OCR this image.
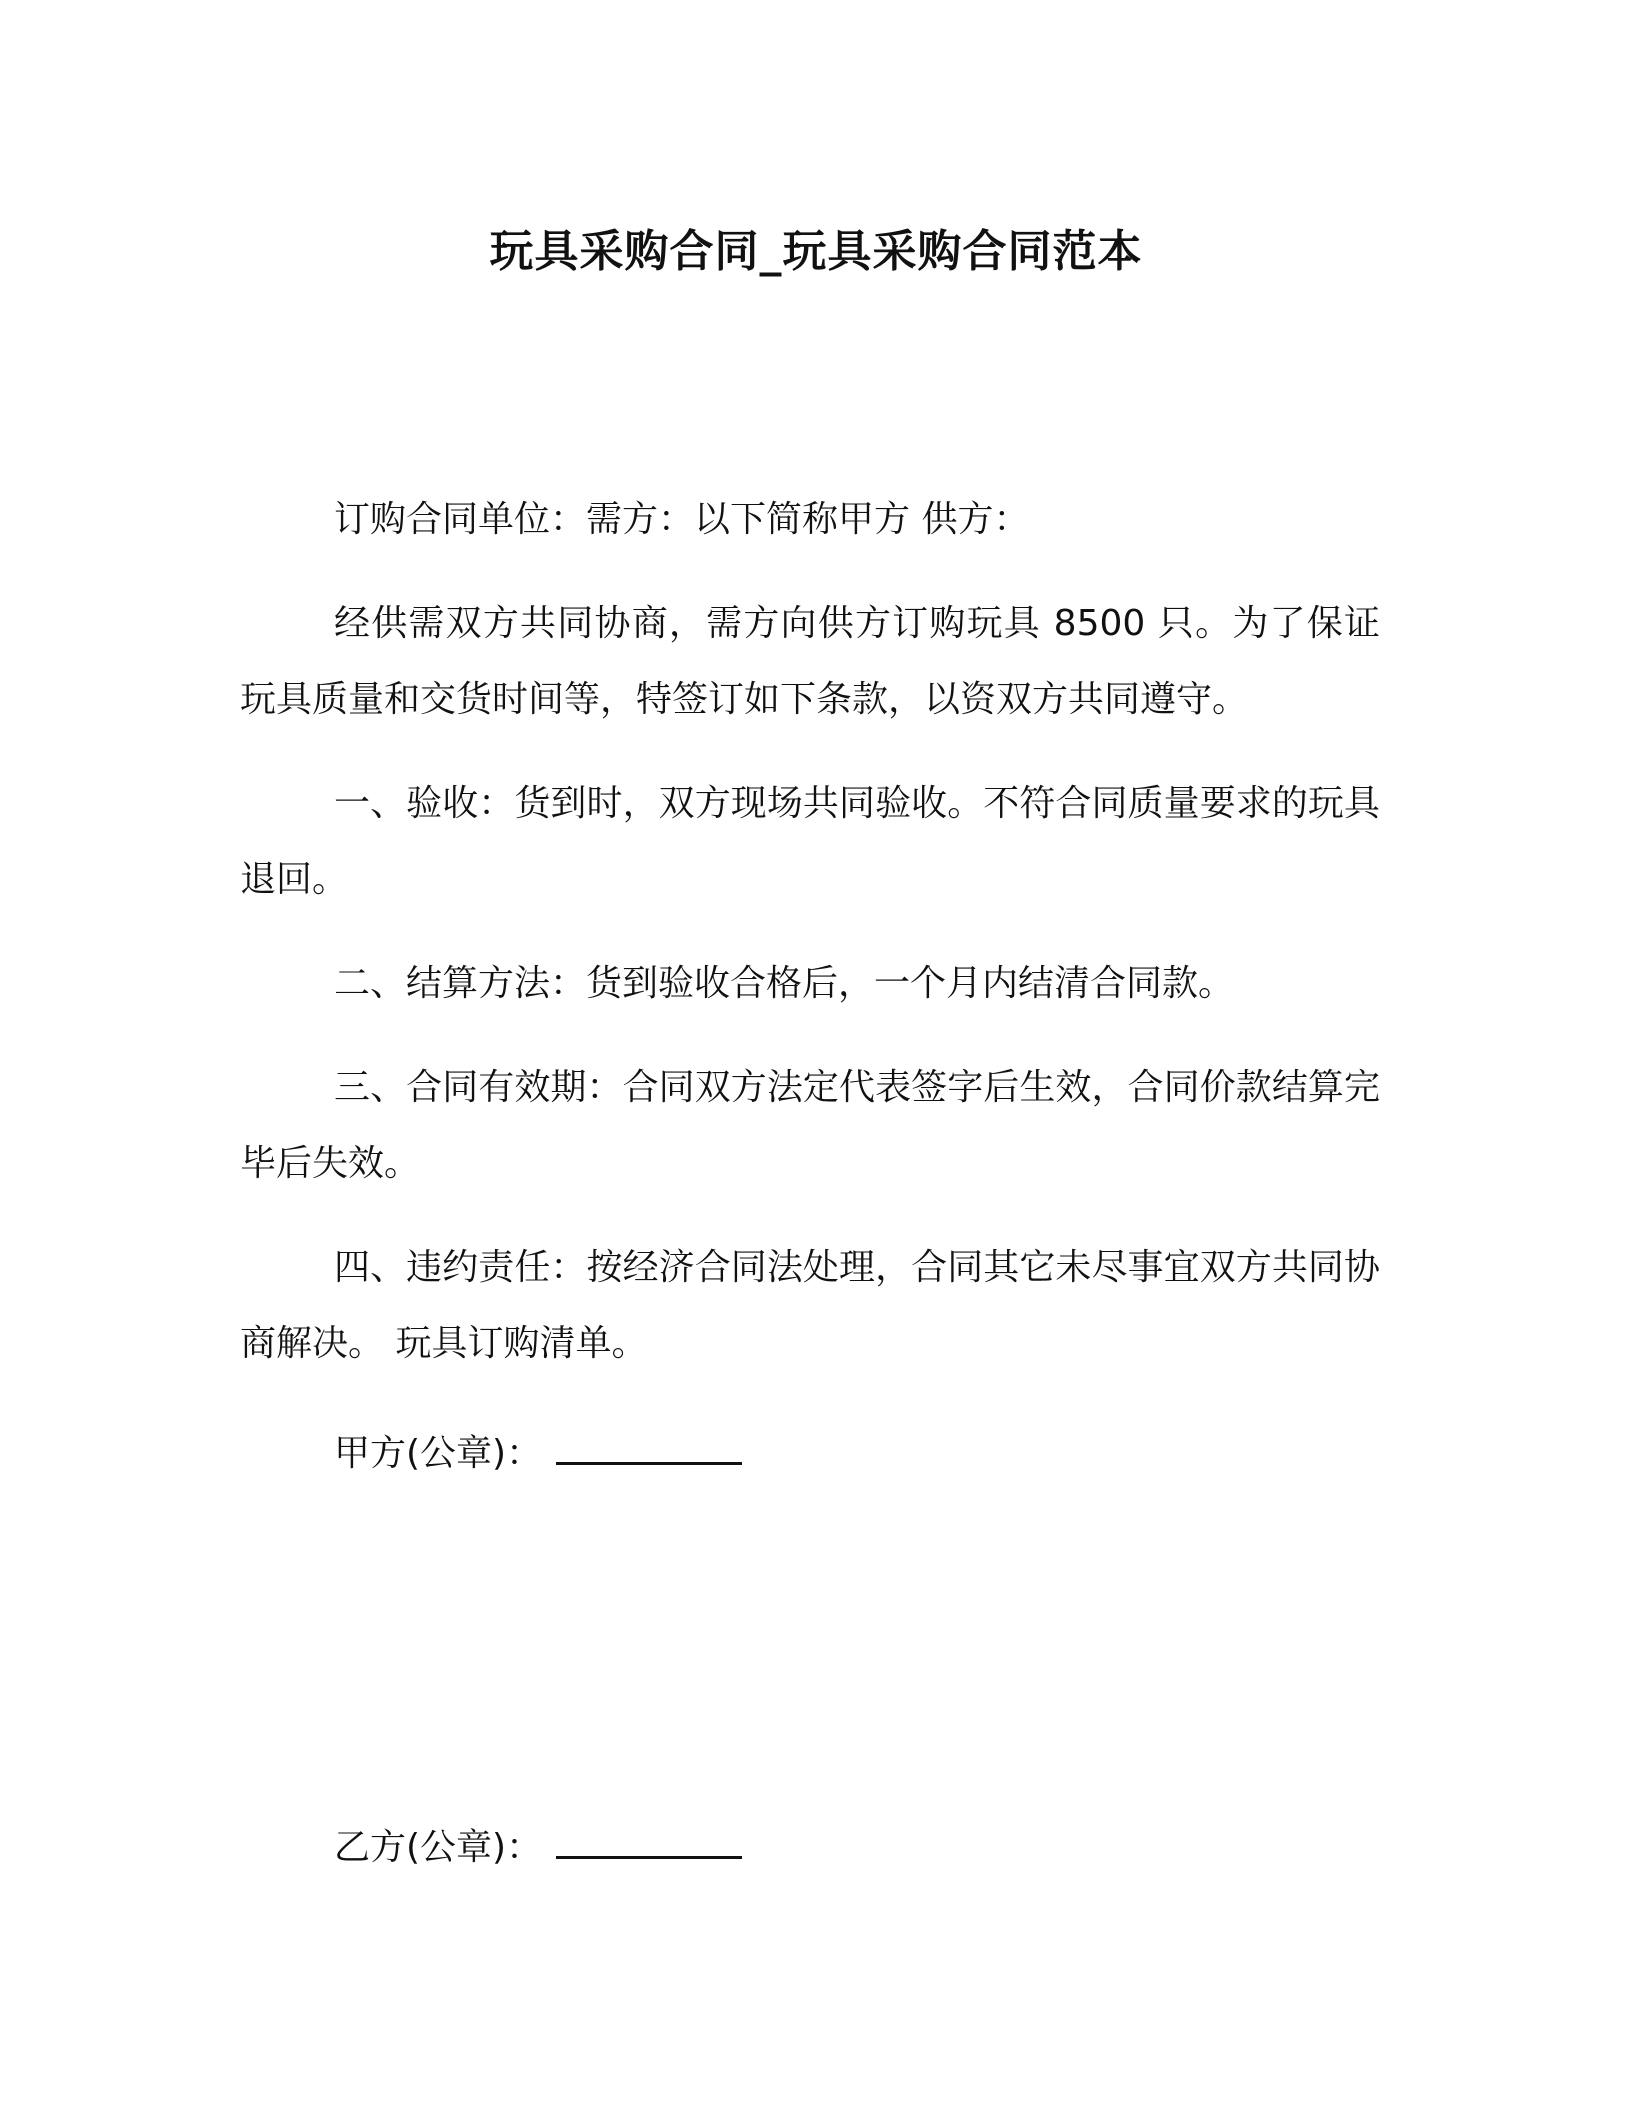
玩具采购合同_玩具采购合同范本
订购合同单位：需方：以下简称甲方 供方：
经供需双方共同协商，需方向供方订购玩具 8500 只。为了保证玩具质量和交货时间等，特签订如下条款，以资双方共同遵守。
一、验收：货到时，双方现场共同验收。不符合同质量要求的玩具退回。
二、结算方法：货到验收合格后，一个月内结清合同款。
三、合同有效期：合同双方法定代表签字后生效，合同价款结算完毕后失效。
四、违约责任：按经济合同法处理，合同其它未尽事宜双方共同协商解决。 玩具订购清单。
甲方(公章)：
乙方(公章)：
